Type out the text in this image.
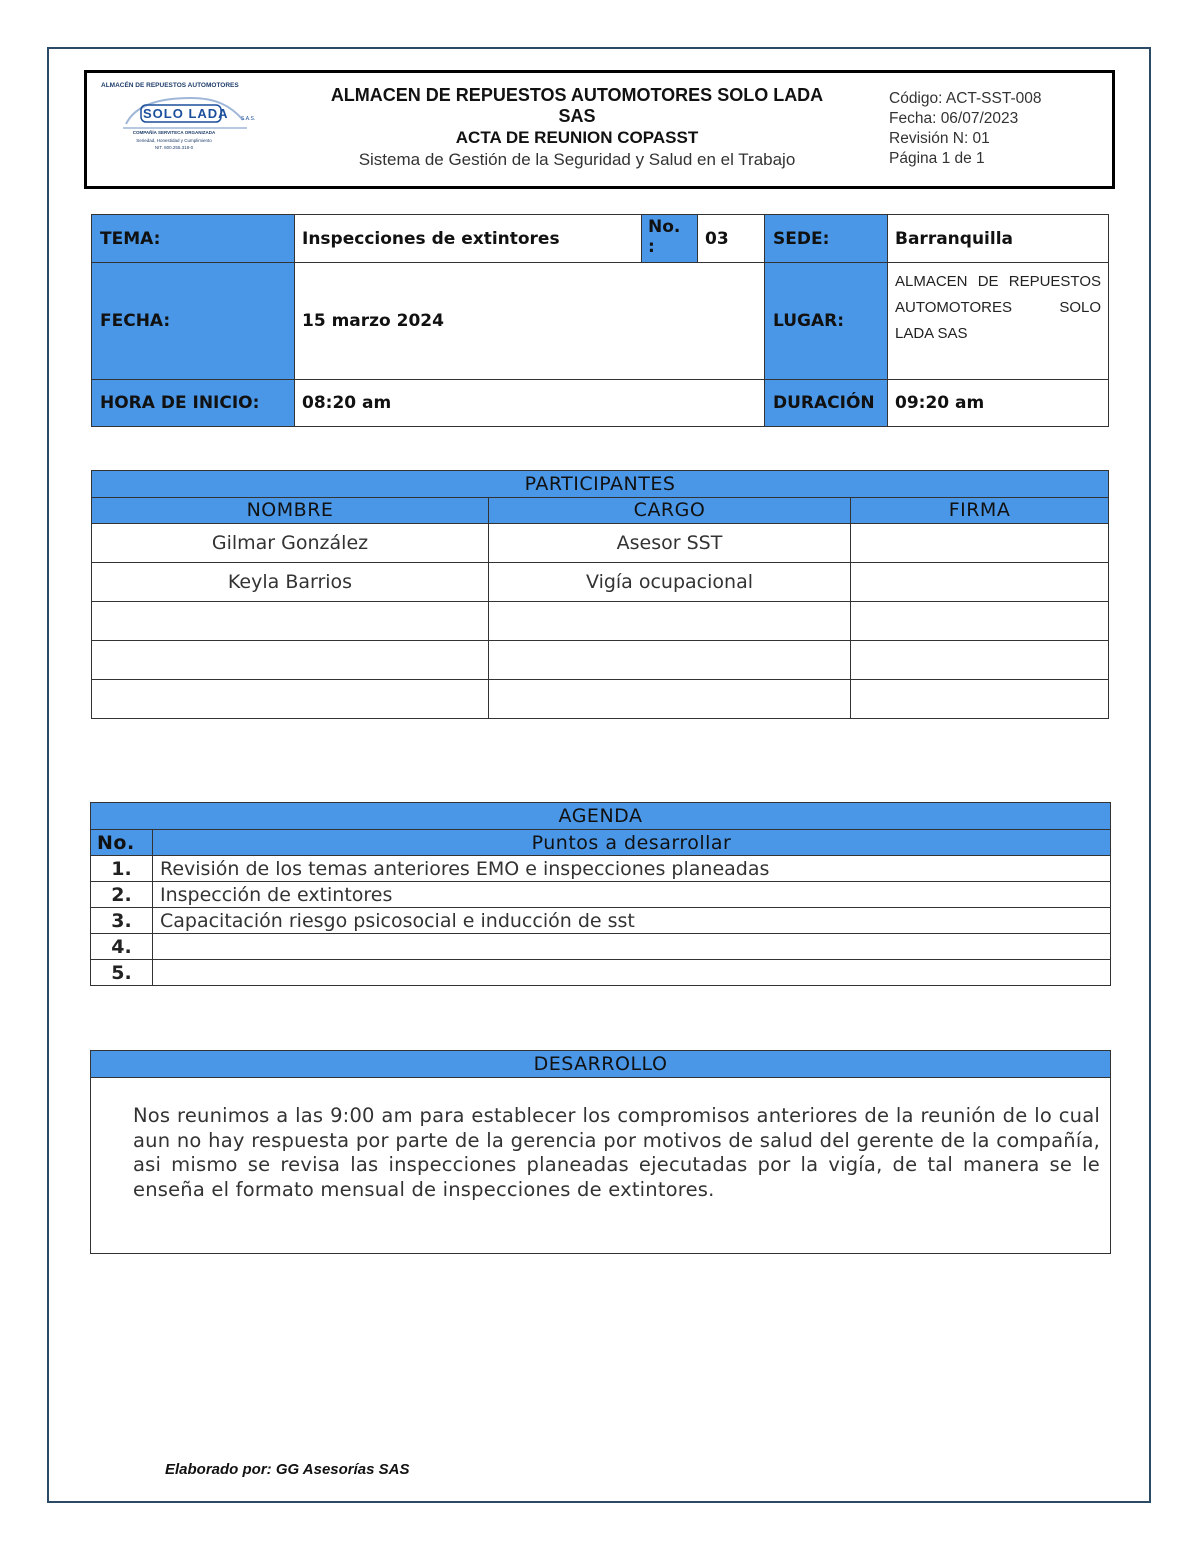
ALMACÉN DE REPUESTOS AUTOMOTORES
SOLO LADA S.A.S.
COMPAÑÍA SERVITECA ORGANIZADA
Seriedad, Honestidad y Cumplimiento
NIT. 800.255.318-0
ALMACEN DE REPUESTOS AUTOMOTORES SOLO LADA
SAS
ACTA DE REUNION COPASST
Sistema de Gestión de la Seguridad y Salud en el Trabajo
Código: ACT-SST-008
Fecha: 06/07/2023
Revisión N: 01
Página 1 de 1
TEMA:	Inspecciones de extintores	No. :	03	SEDE:	Barranquilla
FECHA:	15 marzo 2024			LUGAR:	ALMACEN DE REPUESTOS AUTOMOTORES SOLO LADA SAS
HORA DE INICIO:	08:20 am			DURACIÓN	09:20 am
PARTICIPANTES		
NOMBRE	CARGO	FIRMA
Gilmar González	Asesor SST	
Keyla Barrios	Vigía ocupacional	

AGENDA	
No.	Puntos a desarrollar
1.	Revisión de los temas anteriores EMO e inspecciones planeadas
2.	Inspección de extintores
3.	Capacitación riesgo psicosocial e inducción de sst
4.	
5.	
DESARROLLO
Nos reunimos a las 9:00 am para establecer los compromisos anteriores de la reunión de lo cual aun no hay respuesta por parte de la gerencia por motivos de salud del gerente de la compañía, asi mismo se revisa las inspecciones planeadas ejecutadas por la vigía, de tal manera se le enseña el formato mensual de inspecciones de extintores.
Elaborado por: GG Asesorías SAS
